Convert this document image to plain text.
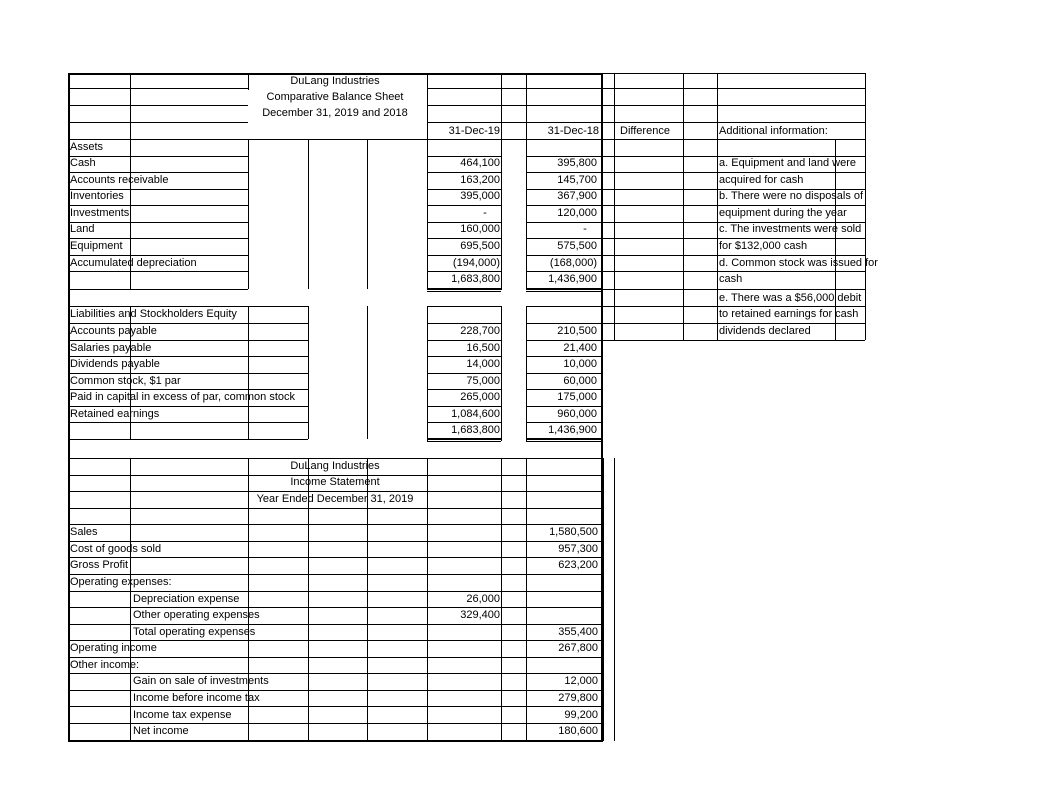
DuLang Industries
Comparative Balance Sheet
December 31, 2019 and 2018
31-Dec-19	31-Dec-18 Difference	Additional information:
Assets
Cash	464,100	395,800
Accounts receivable	163,200	145,700
Inventories	395,000	367,900
Investments	-	120,000
Land	160,000	-
Equipment	695,500	575,500
Accumulated depreciation	(194,000)	(168,000)
1,683,800	1,436,900
Liabilities and Stockholders Equity
Accounts payable	228,700	210,500
Salaries payable	16,500	21,400
Dividends payable	14,000	10,000
Common stock, $1 par	75,000	60,000
Paid in capital in excess of par, common stock	265,000	175,000
Retained earnings	1,084,600	960,000
1,683,800	1,436,900
a. Equipment and land were
acquired for cash
b. There were no disposals of
equipment during the year
c. The investments were sold
for $132,000 cash
d. Common stock was issued for
cash
e. There was a $56,000 debit
to retained earnings for cash
dividends declared
DuLang Industries
Income Statement
Year Ended December 31, 2019
Sales	1,580,500
Cost of goods sold	957,300
Gross Profit	623,200
Operating expenses:
Depreciation expense	26,000
Other operating expenses	329,400
Total operating expenses	355,400
Operating income	267,800
Other income:
Gain on sale of investments	12,000
Income before income tax	279,800
Income tax expense	99,200
Net income	180,600
